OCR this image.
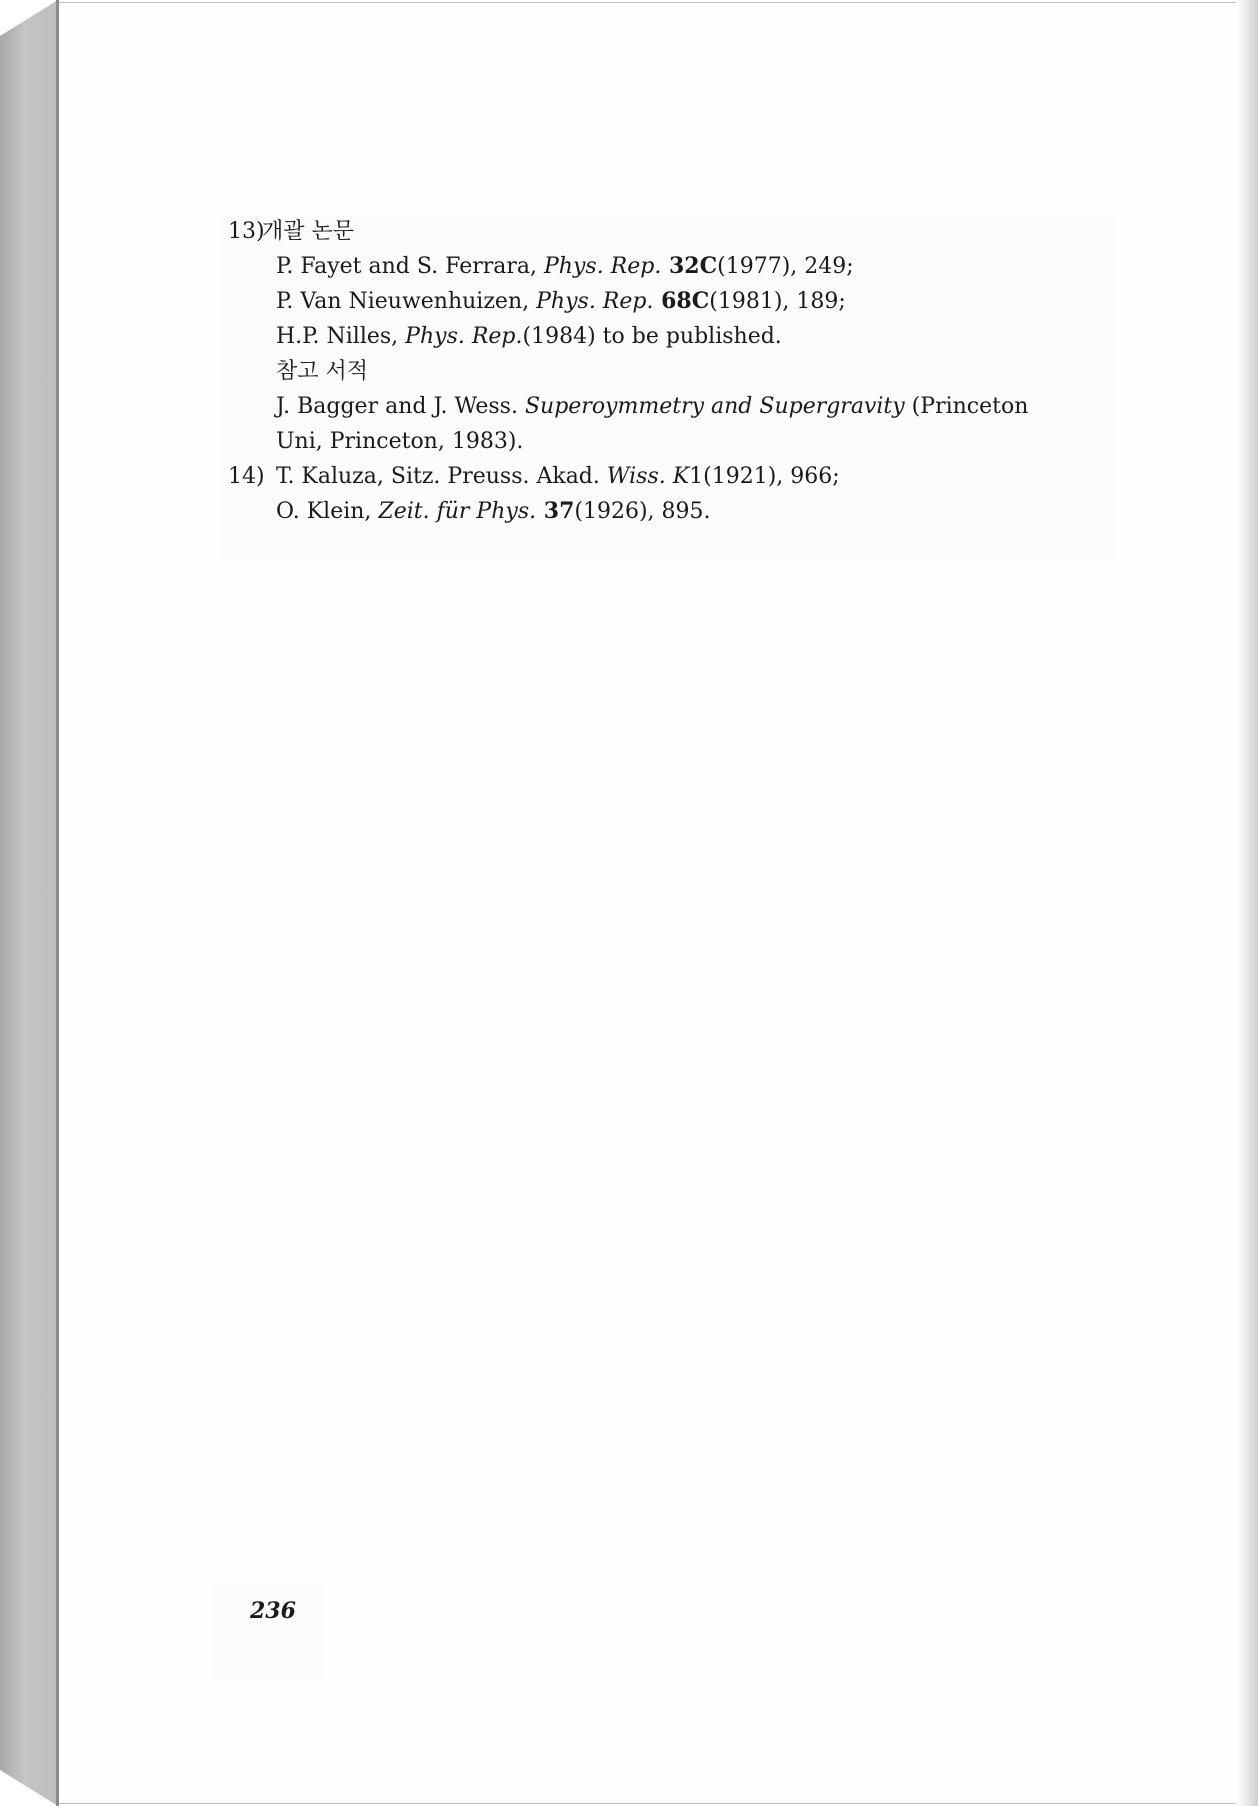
13)
개괄 논문
P. Fayet and S. Ferrara, Phys. Rep. 32C(1977), 249;
P. Van Nieuwenhuizen, Phys. Rep. 68C(1981), 189;
H.P. Nilles, Phys. Rep.(1984) to be published.
참고 서적
J. Bagger and J. Wess. Superoymmetry and Supergravity (Princeton
Uni, Princeton, 1983).
14) T. Kaluza, Sitz. Preuss. Akad. Wiss. K1(1921), 966;
O. Klein, Zeit. für Phys. 37(1926), 895.
236
